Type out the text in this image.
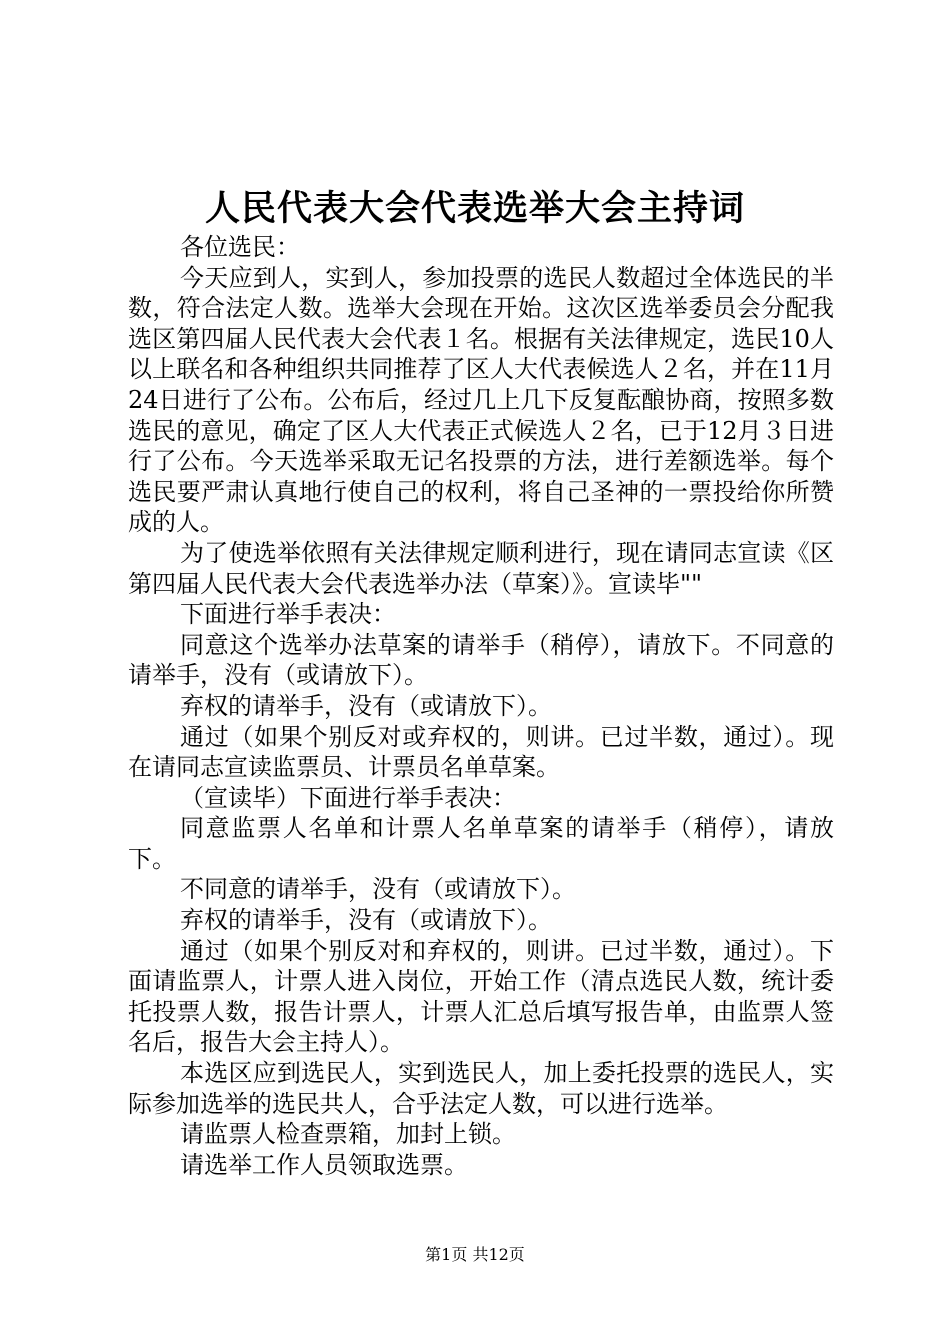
人民代表大会代表选举大会主持词

各位选民：

今天应到人，实到人，参加投票的选民人数超过全体选民的半数，符合法定人数。选举大会现在开始。这次区选举委员会分配我选区第四届人民代表大会代表１名。根据有关法律规定，选民10人以上联名和各种组织共同推荐了区人大代表候选人２名，并在11月24日进行了公布。公布后，经过几上几下反复酝酿协商，按照多数选民的意见，确定了区人大代表正式候选人２名，已于12月３日进行了公布。今天选举采取无记名投票的方法，进行差额选举。每个选民要严肃认真地行使自己的权利，将自己圣神的一票投给你所赞成的人。

为了使选举依照有关法律规定顺利进行，现在请同志宣读《区第四届人民代表大会代表选举办法（草案）》。宣读毕""

下面进行举手表决：

同意这个选举办法草案的请举手（稍停），请放下。不同意的请举手，没有（或请放下）。

弃权的请举手，没有（或请放下）。

通过（如果个别反对或弃权的，则讲。已过半数，通过）。现在请同志宣读监票员、计票员名单草案。

（宣读毕）下面进行举手表决：

同意监票人名单和计票人名单草案的请举手（稍停），请放下。

不同意的请举手，没有（或请放下）。

弃权的请举手，没有（或请放下）。

通过（如果个别反对和弃权的，则讲。已过半数，通过）。下面请监票人，计票人进入岗位，开始工作（清点选民人数，统计委托投票人数，报告计票人，计票人汇总后填写报告单，由监票人签名后，报告大会主持人）。

本选区应到选民人，实到选民人，加上委托投票的选民人，实际参加选举的选民共人，合乎法定人数，可以进行选举。

请监票人检查票箱，加封上锁。

请选举工作人员领取选票。

第1页 共12页
